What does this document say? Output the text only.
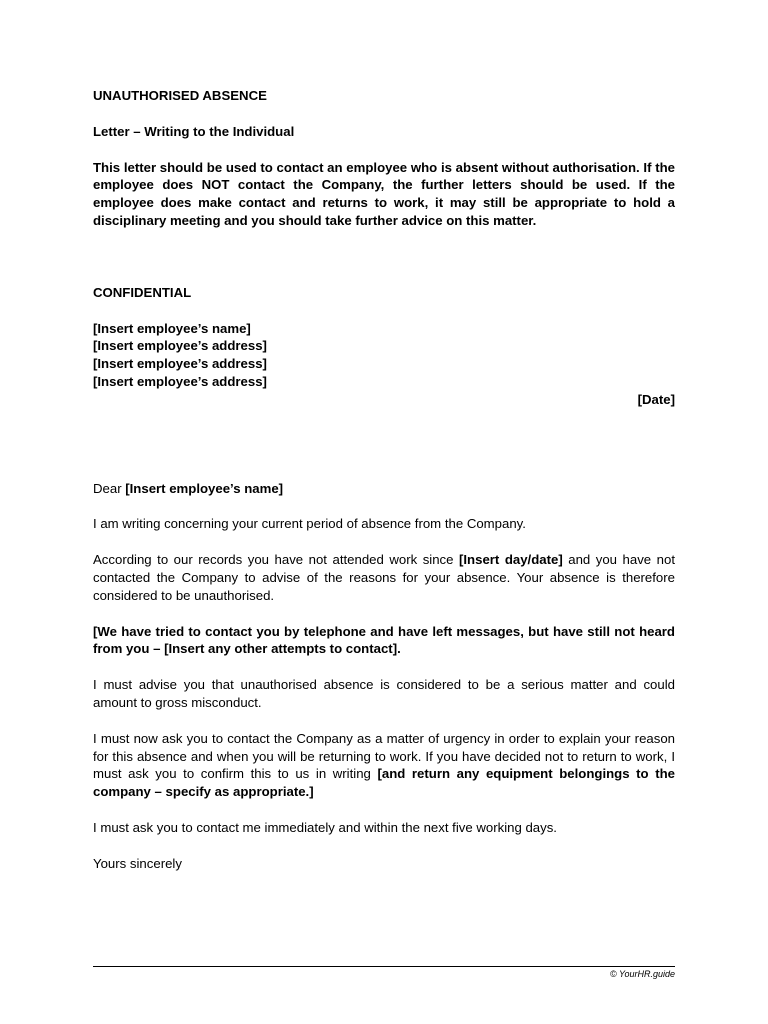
UNAUTHORISED ABSENCE

Letter – Writing to the Individual

This letter should be used to contact an employee who is absent without authorisation. If the employee does NOT contact the Company, the further letters should be used. If the employee does make contact and returns to work, it may still be appropriate to hold a disciplinary meeting and you should take further advice on this matter.

CONFIDENTIAL

[Insert employee’s name]

[Insert employee’s address]

[Insert employee’s address]

[Insert employee’s address]

[Date]

Dear [Insert employee’s name]

I am writing concerning your current period of absence from the Company.

According to our records you have not attended work since [Insert day/date] and you have not contacted the Company to advise of the reasons for your absence. Your absence is therefore considered to be unauthorised.

[We have tried to contact you by telephone and have left messages, but have still not heard from you – [Insert any other attempts to contact].

I must advise you that unauthorised absence is considered to be a serious matter and could amount to gross misconduct.

I must now ask you to contact the Company as a matter of urgency in order to explain your reason for this absence and when you will be returning to work. If you have decided not to return to work, I must ask you to confirm this to us in writing [and return any equipment belongings to the company – specify as appropriate.]

I must ask you to contact me immediately and within the next five working days.

Yours sincerely

© YourHR.guide
